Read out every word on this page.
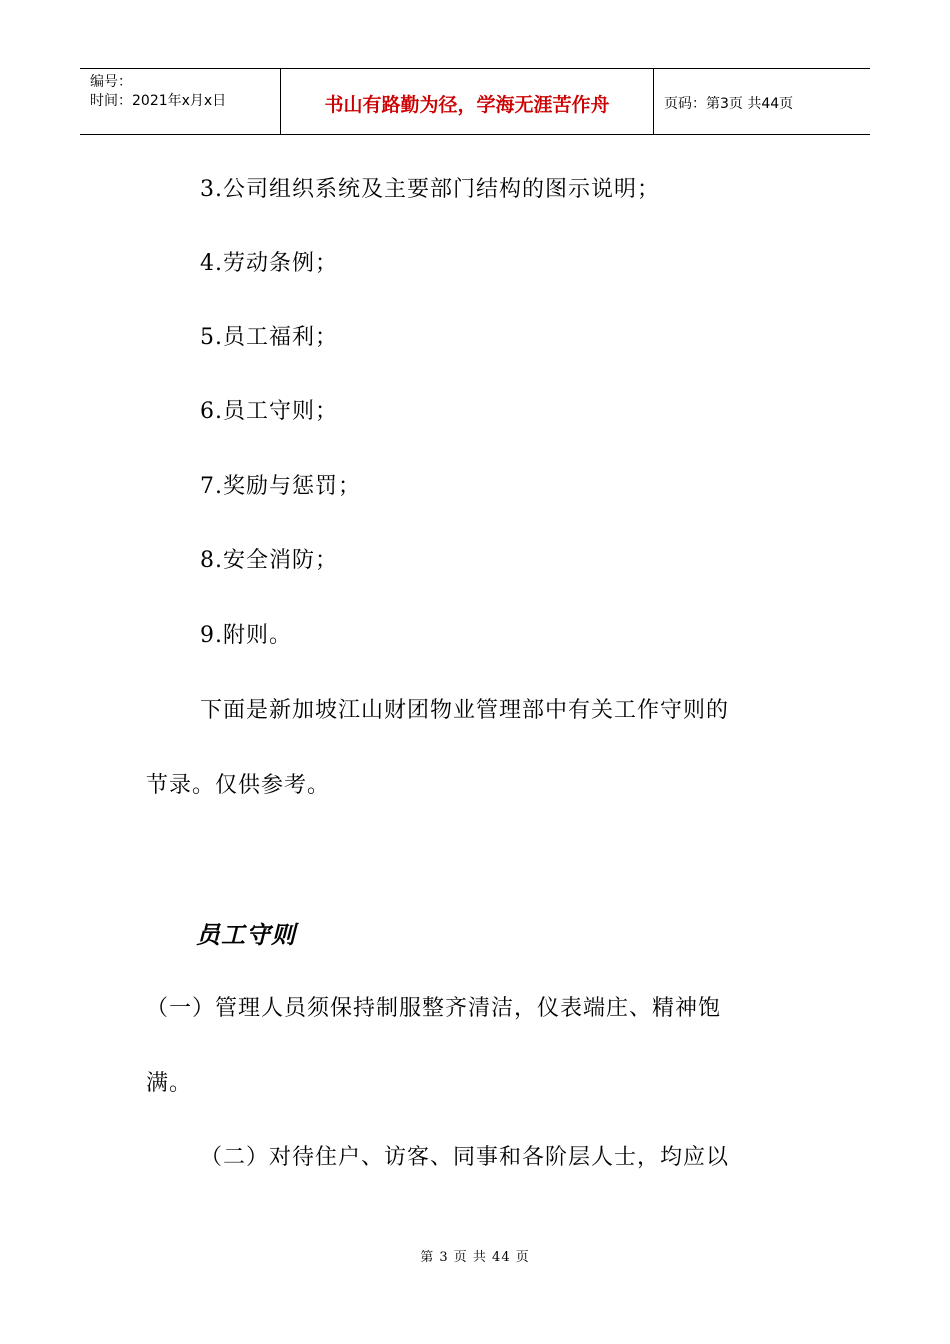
编号：
时间：2021年x月x日	书山有路勤为径，学海无涯苦作舟	页码：第3页 共44页
3.公司组织系统及主要部门结构的图示说明；
4.劳动条例；
5.员工福利；
6.员工守则；
7.奖励与惩罚；
8.安全消防；
9.附则。
下面是新加坡江山财团物业管理部中有关工作守则的
节录。仅供参考。
员工守则
（一）管理人员须保持制服整齐清洁，仪表端庄、精神饱
满。
（二）对待住户、访客、同事和各阶层人士，均应以
第 3 页 共 44 页
